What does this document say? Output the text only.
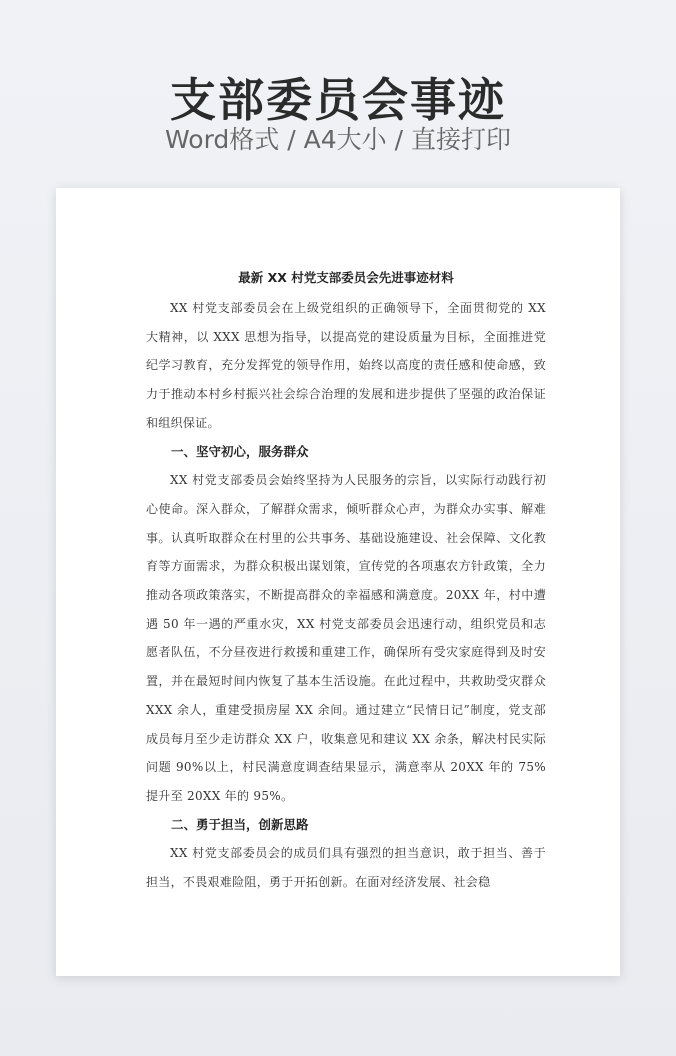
支部委员会事迹
Word格式 / A4大小 / 直接打印
最新 XX 村党支部委员会先进事迹材料

XX 村党支部委员会在上级党组织的正确领导下，全面贯彻党的 XX 大精神，以 XXX 思想为指导，以提高党的建设质量为目标，全面推进党纪学习教育，充分发挥党的领导作用，始终以高度的责任感和使命感，致力于推动本村乡村振兴社会综合治理的发展和进步提供了坚强的政治保证和组织保证。

一、坚守初心，服务群众

XX 村党支部委员会始终坚持为人民服务的宗旨，以实际行动践行初心使命。深入群众，了解群众需求，倾听群众心声，为群众办实事、解难事。认真听取群众在村里的公共事务、基础设施建设、社会保障、文化教育等方面需求，为群众积极出谋划策，宣传党的各项惠农方针政策，全力推动各项政策落实，不断提高群众的幸福感和满意度。20XX 年，村中遭遇 50 年一遇的严重水灾，XX 村党支部委员会迅速行动，组织党员和志愿者队伍，不分昼夜进行救援和重建工作，确保所有受灾家庭得到及时安置，并在最短时间内恢复了基本生活设施。在此过程中，共救助受灾群众 XXX 余人，重建受损房屋 XX 余间。通过建立“民情日记”制度，党支部成员每月至少走访群众 XX 户，收集意见和建议 XX 余条，解决村民实际问题 90%以上，村民满意度调查结果显示，满意率从 20XX 年的 75%提升至 20XX 年的 95%。

二、勇于担当，创新思路

XX 村党支部委员会的成员们具有强烈的担当意识，敢于担当、善于担当，不畏艰难险阻，勇于开拓创新。在面对经济发展、社会稳
